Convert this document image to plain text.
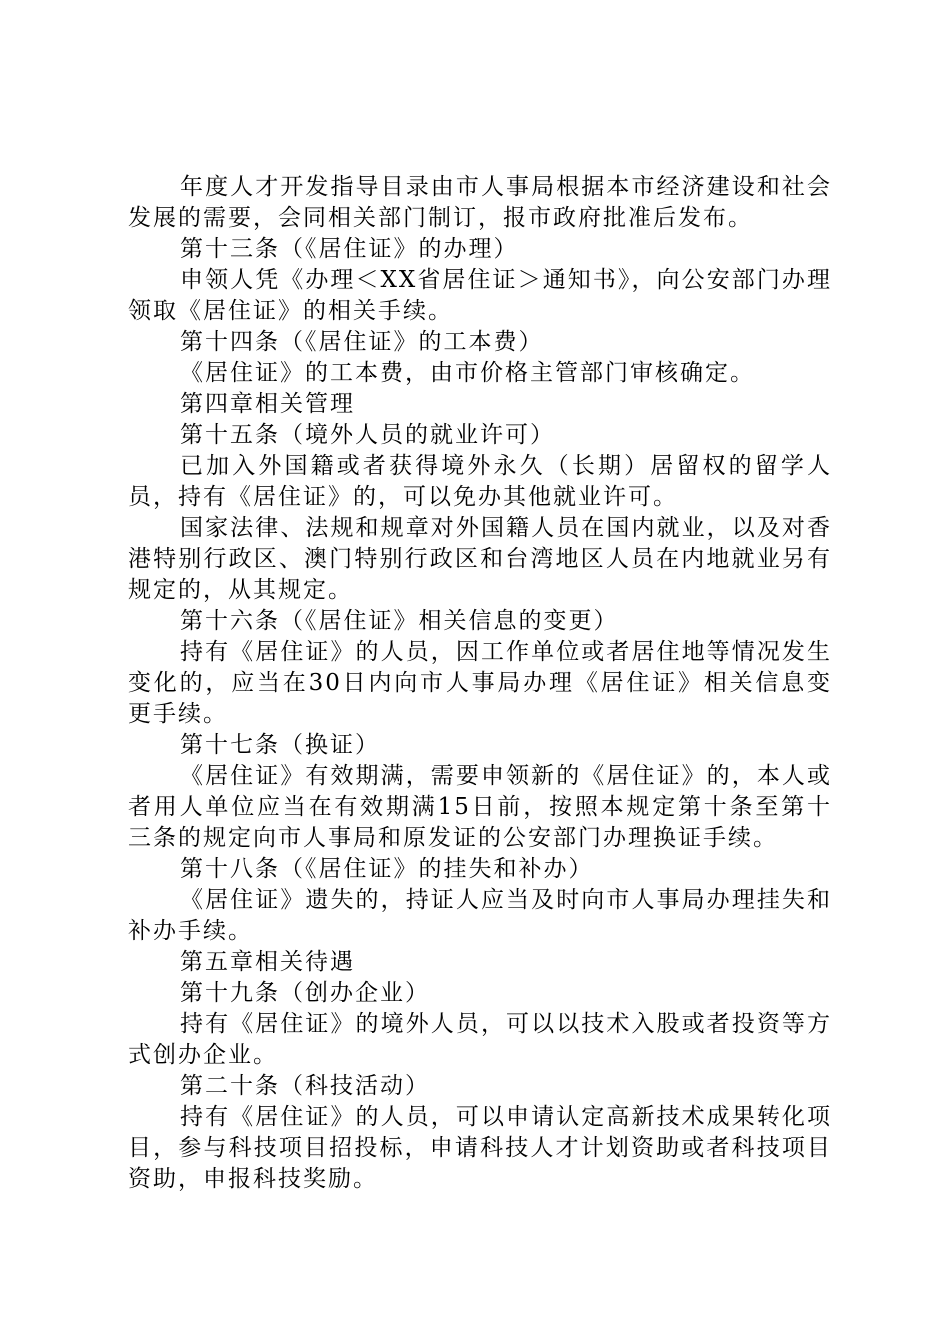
年度人才开发指导目录由市人事局根据本市经济建设和社会发展的需要，会同相关部门制订，报市政府批准后发布。

第十三条（《居住证》的办理）

申领人凭《办理＜XX省居住证＞通知书》，向公安部门办理领取《居住证》的相关手续。

第十四条（《居住证》的工本费）

《居住证》的工本费，由市价格主管部门审核确定。

第四章相关管理

第十五条（境外人员的就业许可）

已加入外国籍或者获得境外永久（长期）居留权的留学人员，持有《居住证》的，可以免办其他就业许可。

国家法律、法规和规章对外国籍人员在国内就业，以及对香港特别行政区、澳门特别行政区和台湾地区人员在内地就业另有规定的，从其规定。

第十六条（《居住证》相关信息的变更）

持有《居住证》的人员，因工作单位或者居住地等情况发生变化的，应当在30日内向市人事局办理《居住证》相关信息变更手续。

第十七条（换证）

《居住证》有效期满，需要申领新的《居住证》的，本人或者用人单位应当在有效期满15日前，按照本规定第十条至第十三条的规定向市人事局和原发证的公安部门办理换证手续。

第十八条（《居住证》的挂失和补办）

《居住证》遗失的，持证人应当及时向市人事局办理挂失和补办手续。

第五章相关待遇

第十九条（创办企业）

持有《居住证》的境外人员，可以以技术入股或者投资等方式创办企业。

第二十条（科技活动）

持有《居住证》的人员，可以申请认定高新技术成果转化项目，参与科技项目招投标，申请科技人才计划资助或者科技项目资助，申报科技奖励。
